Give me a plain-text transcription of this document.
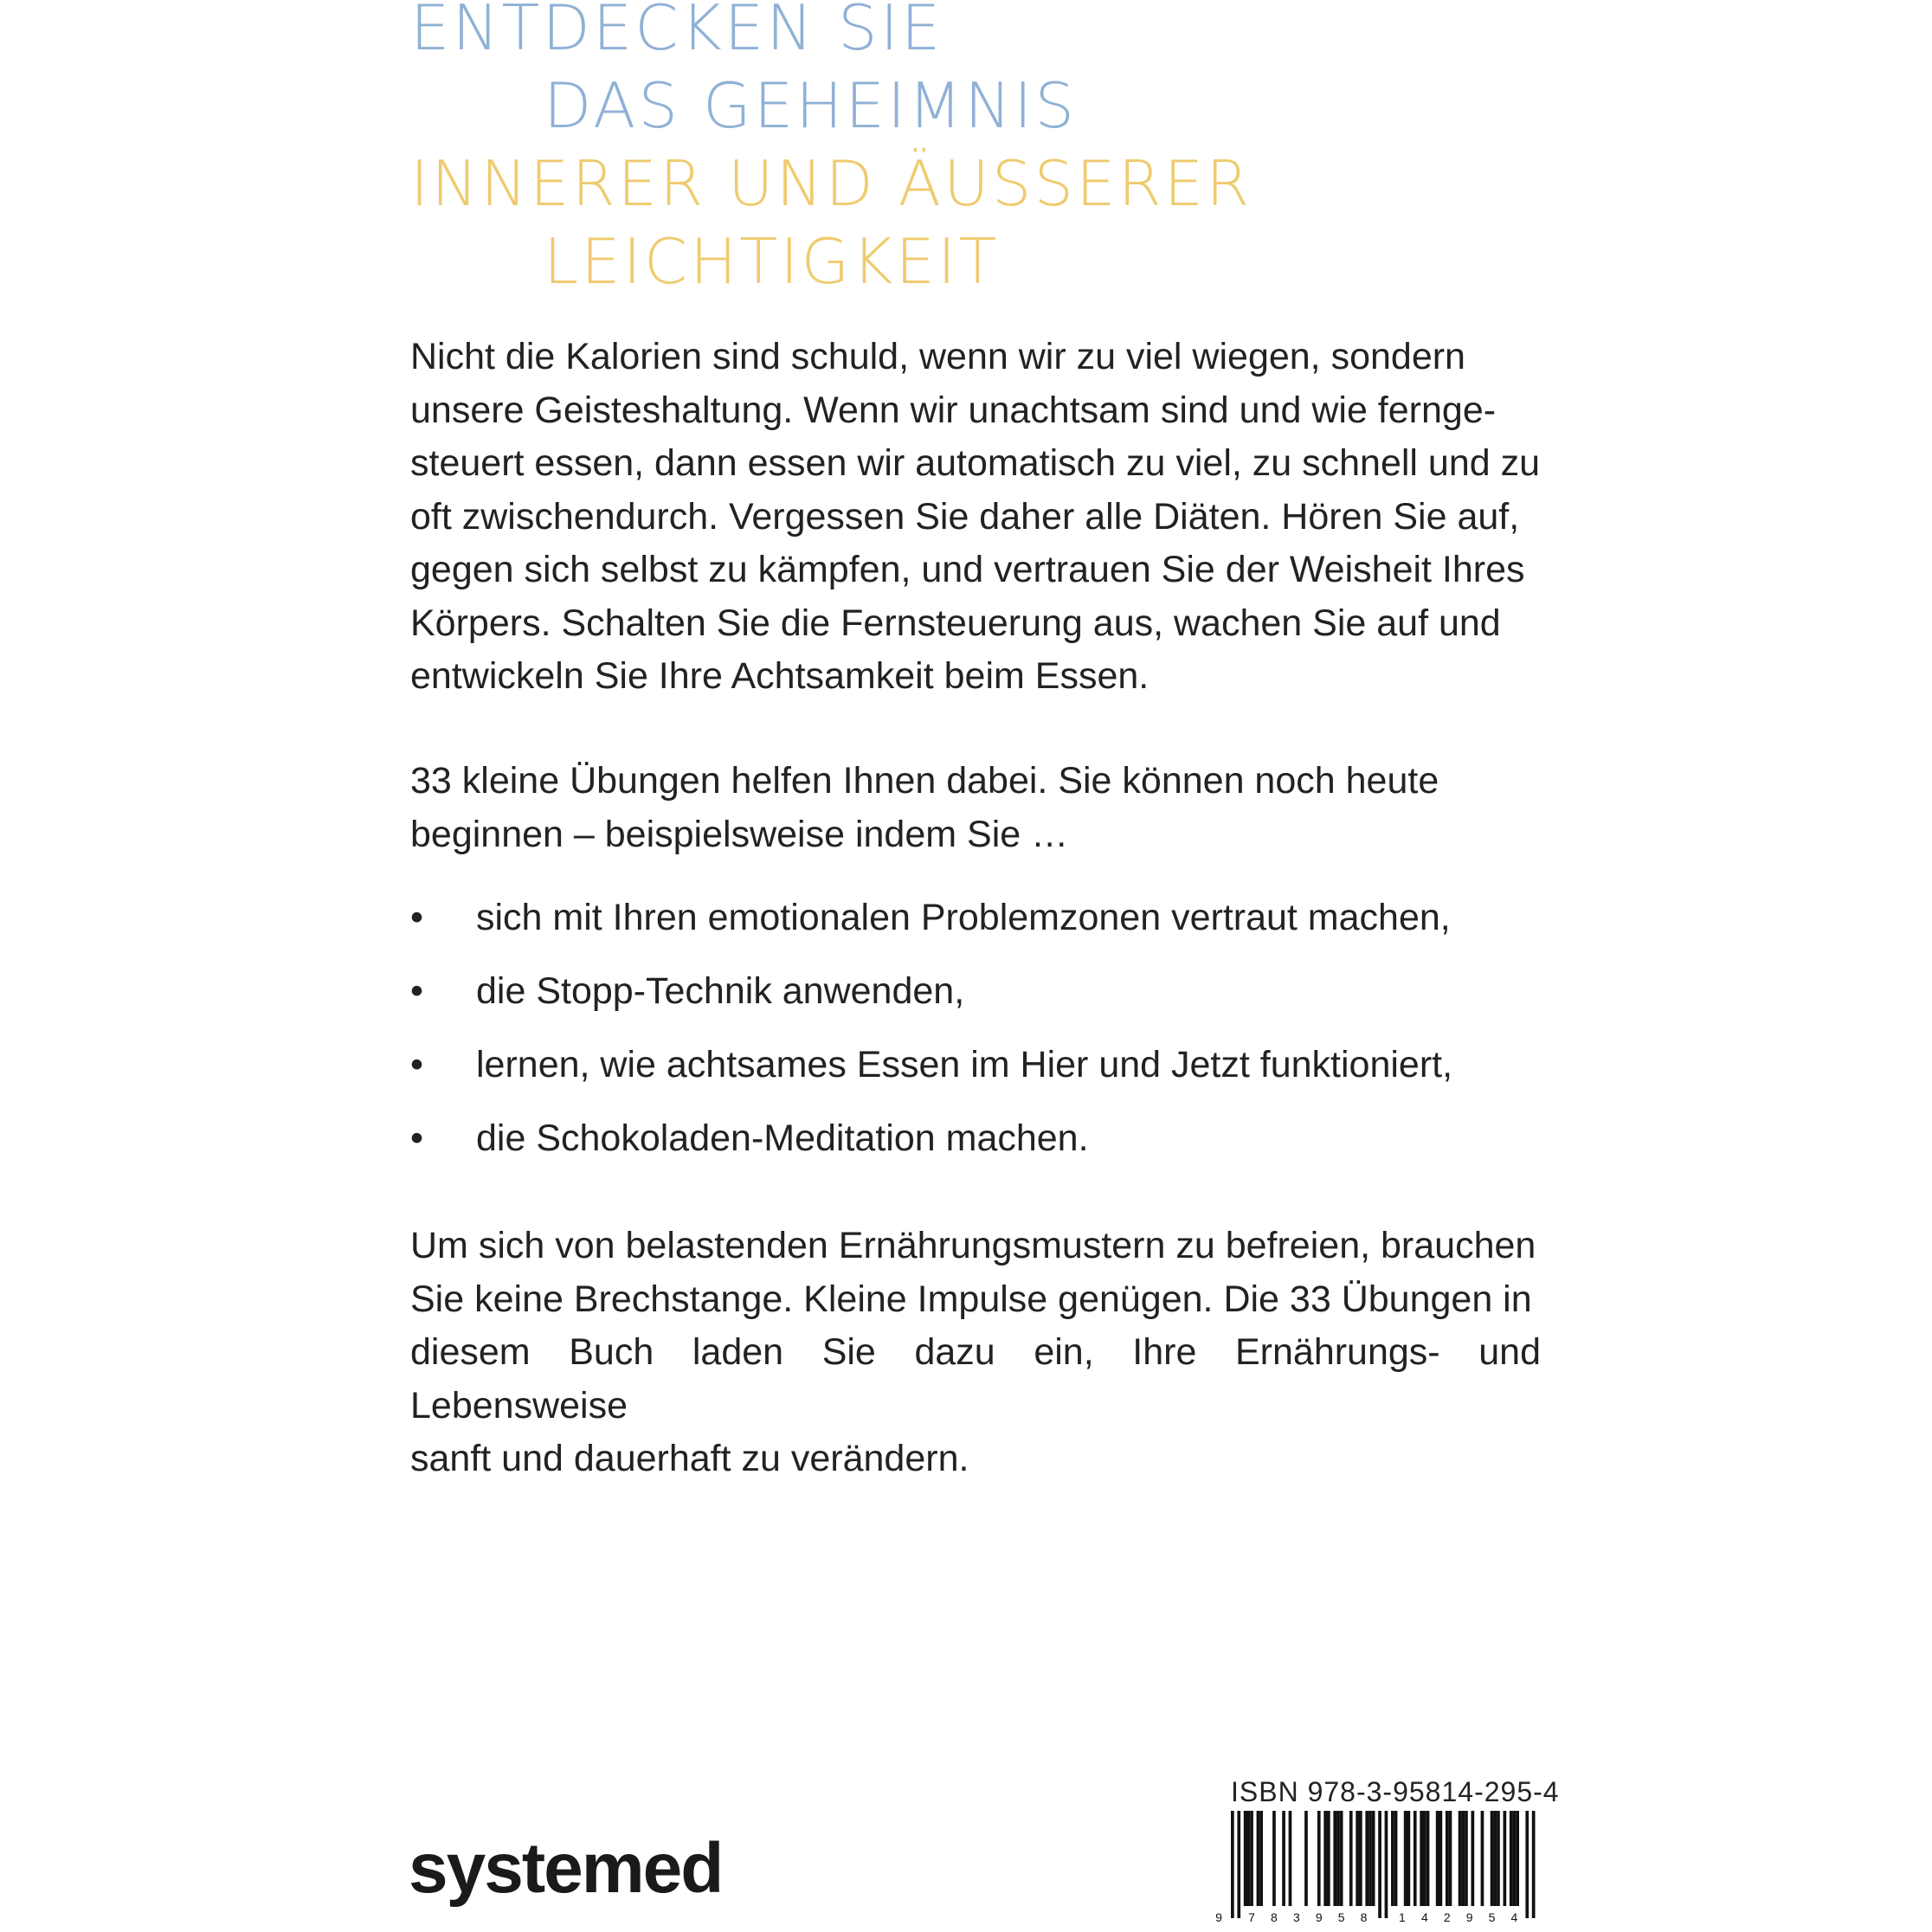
ENTDECKEN SIE
DAS GEHEIMNIS
INNERER UND ÄUSSERER
LEICHTIGKEIT

Nicht die Kalorien sind schuld, wenn wir zu viel wiegen, sondern
unsere Geisteshaltung. Wenn wir unachtsam sind und wie fernge-
steuert essen, dann essen wir automatisch zu viel, zu schnell und zu
oft zwischendurch. Vergessen Sie daher alle Diäten. Hören Sie auf,
gegen sich selbst zu kämpfen, und vertrauen Sie der Weisheit Ihres
Körpers. Schalten Sie die Fernsteuerung aus, wachen Sie auf und
entwickeln Sie Ihre Achtsamkeit beim Essen.

33 kleine Übungen helfen Ihnen dabei. Sie können noch heute
beginnen – beispielsweise indem Sie …

•	sich mit Ihren emotionalen Problemzonen vertraut machen,
•	die Stopp-Technik anwenden,
•	lernen, wie achtsames Essen im Hier und Jetzt funktioniert,
•	die Schokoladen-Meditation machen.

Um sich von belastenden Ernährungsmustern zu befreien, brauchen
Sie keine Brechstange. Kleine Impulse genügen. Die 33 Übungen in
diesem Buch laden Sie dazu ein, Ihre Ernährungs- und Lebensweise
sanft und dauerhaft zu verändern.

systemed
ISBN 978-3-95814-295-4
9 7 8 3 9 5 8	1 4 2 9 5 4
